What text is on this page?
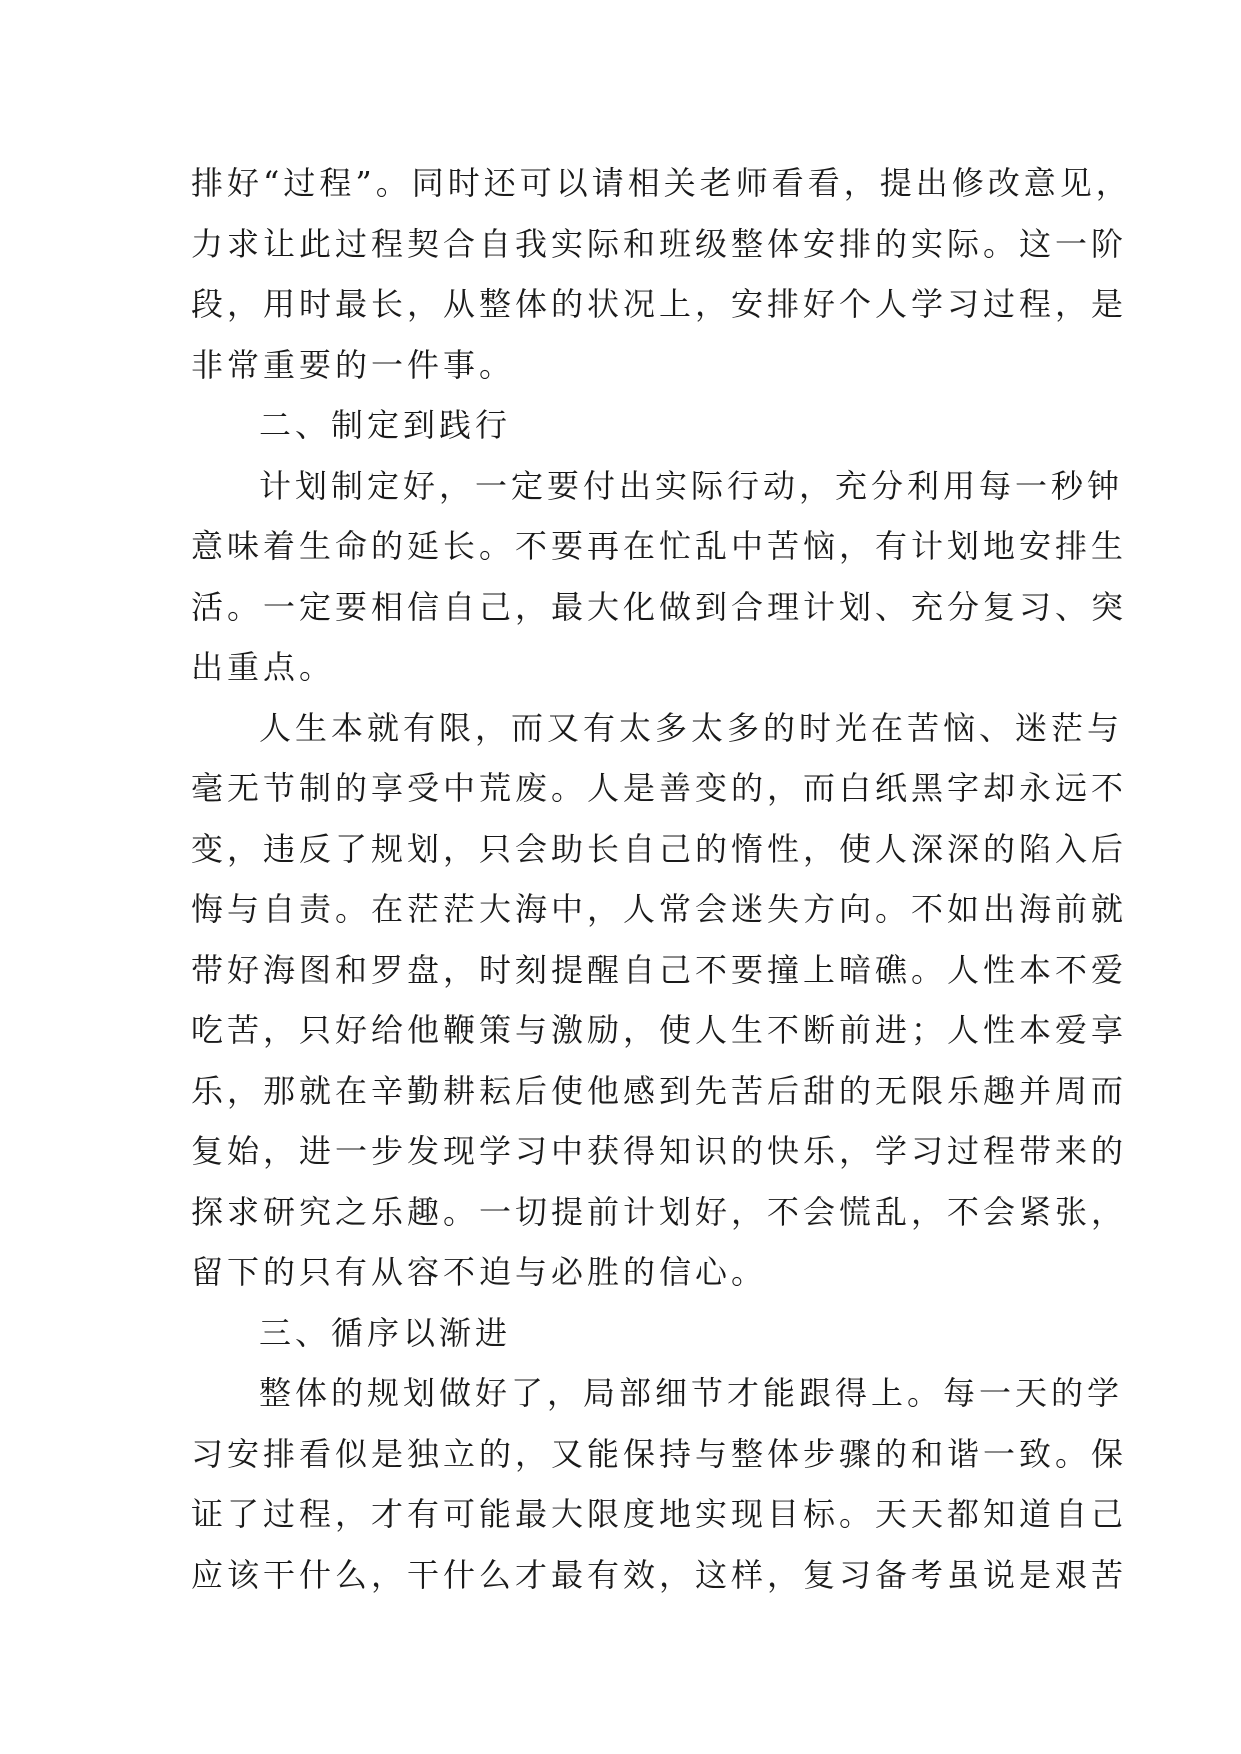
排好“过程”。同时还可以请相关老师看看，提出修改意见，
力求让此过程契合自我实际和班级整体安排的实际。这一阶
段，用时最长，从整体的状况上，安排好个人学习过程，是
非常重要的一件事。
二、制定到践行
计划制定好，一定要付出实际行动，充分利用每一秒钟
意味着生命的延长。不要再在忙乱中苦恼，有计划地安排生
活。一定要相信自己，最大化做到合理计划、充分复习、突
出重点。
人生本就有限，而又有太多太多的时光在苦恼、迷茫与
毫无节制的享受中荒废。人是善变的，而白纸黑字却永远不
变，违反了规划，只会助长自己的惰性，使人深深的陷入后
悔与自责。在茫茫大海中，人常会迷失方向。不如出海前就
带好海图和罗盘，时刻提醒自己不要撞上暗礁。人性本不爱
吃苦，只好给他鞭策与激励，使人生不断前进；人性本爱享
乐，那就在辛勤耕耘后使他感到先苦后甜的无限乐趣并周而
复始，进一步发现学习中获得知识的快乐，学习过程带来的
探求研究之乐趣。一切提前计划好，不会慌乱，不会紧张，
留下的只有从容不迫与必胜的信心。
三、循序以渐进
整体的规划做好了，局部细节才能跟得上。每一天的学
习安排看似是独立的，又能保持与整体步骤的和谐一致。保
证了过程，才有可能最大限度地实现目标。天天都知道自己
应该干什么，干什么才最有效，这样，复习备考虽说是艰苦
